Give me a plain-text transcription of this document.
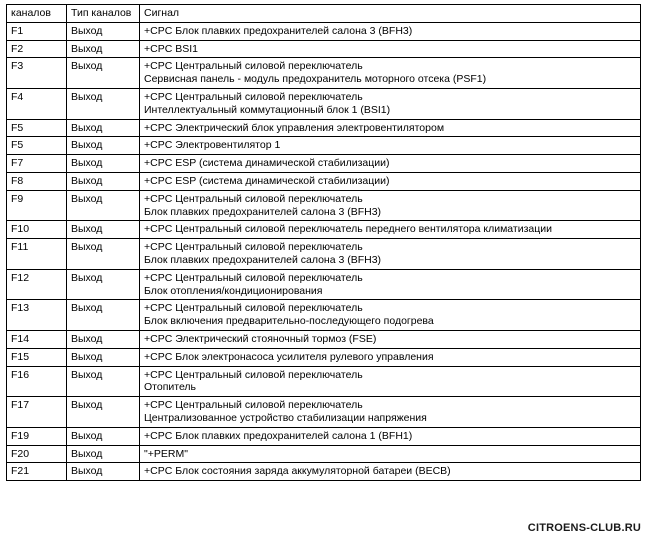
каналов	Тип каналов	Сигнал
F1	Выход	+CPC Блок плавких предохранителей салона 3 (BFH3)

F2	Выход	+CPC BSI1

F3	Выход	+CPC Центральный силовой переключатель
Сервисная панель - модуль предохранитель моторного отсека (PSF1)

F4	Выход	+CPC Центральный силовой переключатель
Интеллектуальный коммутационный блок 1 (BSI1)

F5	Выход	+CPC Электрический блок управления электровентилятором

F5	Выход	+CPC Электровентилятор 1

F7	Выход	+CPC ESP (система динамической стабилизации)

F8	Выход	+CPC ESP (система динамической стабилизации)

F9	Выход	+CPC Центральный силовой переключатель
Блок плавких предохранителей салона 3 (BFH3)

F10	Выход	+CPC Центральный силовой переключатель переднего вентилятора климатизации

F11	Выход	+CPC Центральный силовой переключатель
Блок плавких предохранителей салона 3 (BFH3)

F12	Выход	+CPC Центральный силовой переключатель
Блок отопления/кондиционирования

F13	Выход	+CPC Центральный силовой переключатель
Блок включения предварительно-последующего подогрева

F14	Выход	+CPC Электрический стояночный тормоз (FSE)

F15	Выход	+CPC Блок электронасоса усилителя рулевого управления

F16	Выход	+CPC Центральный силовой переключатель
Отопитель

F17	Выход	+CPC Центральный силовой переключатель
Централизованное устройство стабилизации напряжения

F19	Выход	+CPC Блок плавких предохранителей салона 1 (BFH1)

F20	Выход	"+PERM"

F21	Выход	+CPC Блок состояния заряда аккумуляторной батареи (BECB)
CITROENS-CLUB.RU
